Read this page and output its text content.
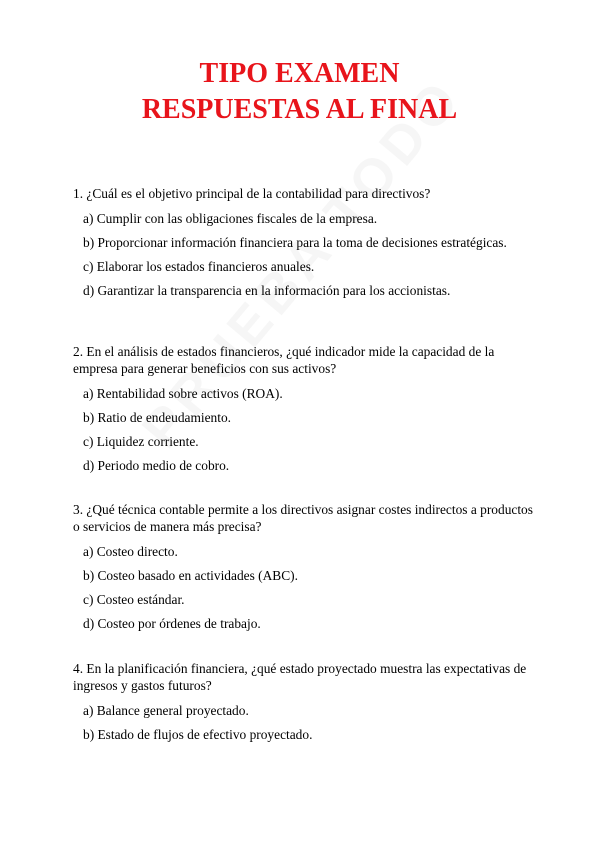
TIPO EXAMEN
RESPUESTAS AL FINAL
1. ¿Cuál es el objetivo principal de la contabilidad para directivos?
a) Cumplir con las obligaciones fiscales de la empresa.
b) Proporcionar información financiera para la toma de decisiones estratégicas.
c) Elaborar los estados financieros anuales.
d) Garantizar la transparencia en la información para los accionistas.
2. En el análisis de estados financieros, ¿qué indicador mide la capacidad de la empresa para generar beneficios con sus activos?
a) Rentabilidad sobre activos (ROA).
b) Ratio de endeudamiento.
c) Liquidez corriente.
d) Periodo medio de cobro.
3. ¿Qué técnica contable permite a los directivos asignar costes indirectos a productos o servicios de manera más precisa?
a) Costeo directo.
b) Costeo basado en actividades (ABC).
c) Costeo estándar.
d) Costeo por órdenes de trabajo.
4. En la planificación financiera, ¿qué estado proyectado muestra las expectativas de ingresos y gastos futuros?
a) Balance general proyectado.
b) Estado de flujos de efectivo proyectado.
